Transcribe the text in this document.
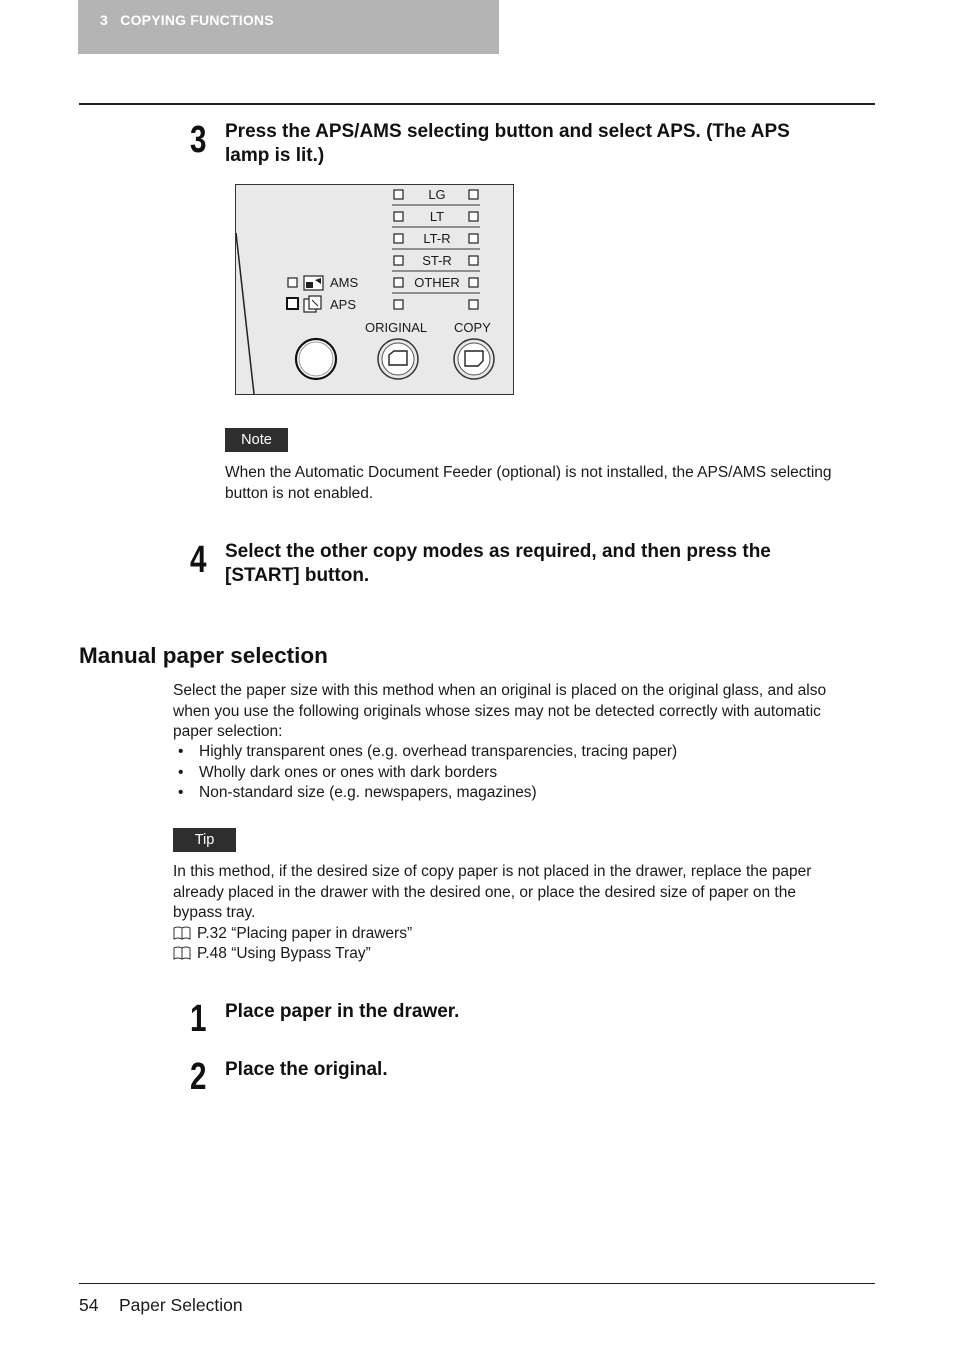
3   COPYING FUNCTIONS
3 Press the APS/AMS selecting button and select APS. (The APS
lamp is lit.)
LG
LT
LT-R
ST-R
OTHER
AMS
APS
ORIGINAL COPY
Note
When the Automatic Document Feeder (optional) is not installed, the APS/AMS selecting
button is not enabled.
4 Select the other copy modes as required, and then press the
[START] button.
Manual paper selection
Select the paper size with this method when an original is placed on the original glass, and also
when you use the following originals whose sizes may not be detected correctly with automatic
paper selection:
• Highly transparent ones (e.g. overhead transparencies, tracing paper)
• Wholly dark ones or ones with dark borders
• Non-standard size (e.g. newspapers, magazines)
Tip
In this method, if the desired size of copy paper is not placed in the drawer, replace the paper
already placed in the drawer with the desired one, or place the desired size of paper on the
bypass tray.
P.32 “Placing paper in drawers”
P.48 “Using Bypass Tray”
1 Place paper in the drawer.
2 Place the original.
54 Paper Selection
